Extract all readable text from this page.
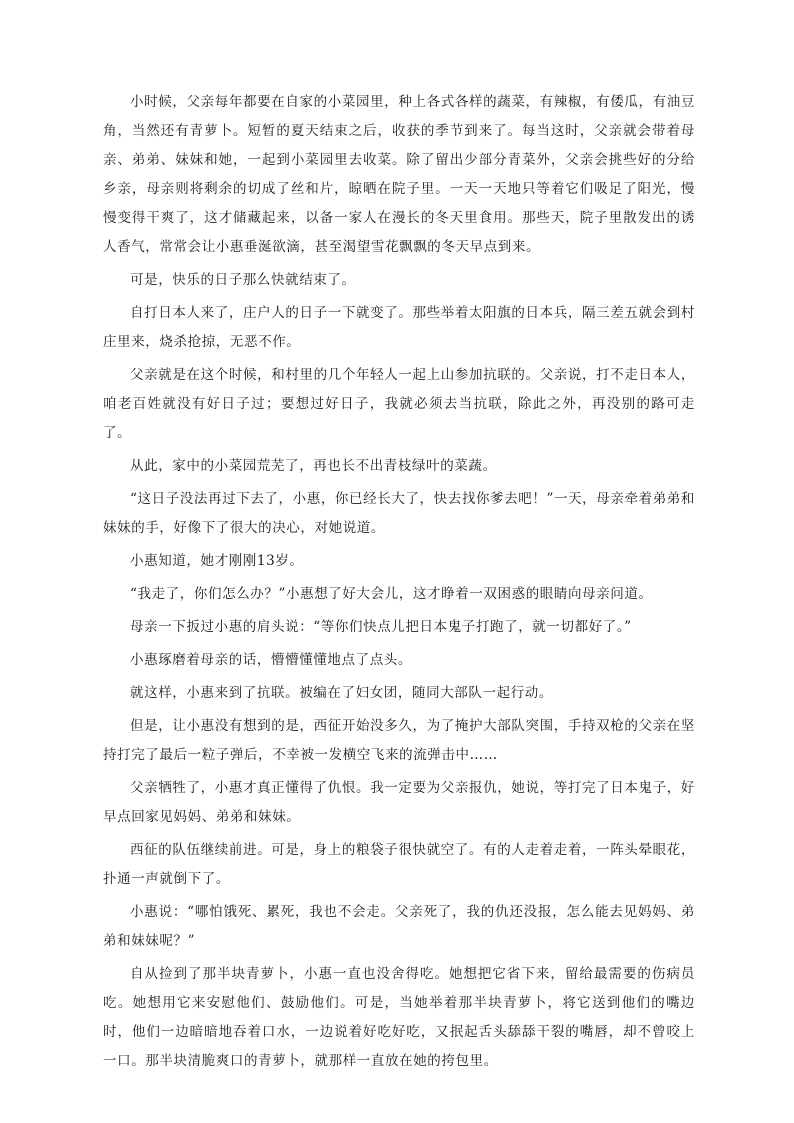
小时候，父亲每年都要在自家的小菜园里，种上各式各样的蔬菜，有辣椒，有倭瓜，有油豆角，当然还有青萝卜。短暂的夏天结束之后，收获的季节到来了。每当这时，父亲就会带着母亲、弟弟、妹妹和她，一起到小菜园里去收菜。除了留出少部分青菜外，父亲会挑些好的分给乡亲，母亲则将剩余的切成了丝和片，晾晒在院子里。一天一天地只等着它们吸足了阳光，慢慢变得干爽了，这才储藏起来，以备一家人在漫长的冬天里食用。那些天，院子里散发出的诱人香气，常常会让小惠垂涎欲滴，甚至渴望雪花飘飘的冬天早点到来。

可是，快乐的日子那么快就结束了。

自打日本人来了，庄户人的日子一下就变了。那些举着太阳旗的日本兵，隔三差五就会到村庄里来，烧杀抢掠，无恶不作。

父亲就是在这个时候，和村里的几个年轻人一起上山参加抗联的。父亲说，打不走日本人，咱老百姓就没有好日子过；要想过好日子，我就必须去当抗联，除此之外，再没别的路可走了。

从此，家中的小菜园荒芜了，再也长不出青枝绿叶的菜蔬。

“这日子没法再过下去了，小惠，你已经长大了，快去找你爹去吧！”一天，母亲牵着弟弟和妹妹的手，好像下了很大的决心，对她说道。

小惠知道，她才刚刚13岁。

“我走了，你们怎么办？”小惠想了好大会儿，这才睁着一双困惑的眼睛向母亲问道。

母亲一下扳过小惠的肩头说：“等你们快点儿把日本鬼子打跑了，就一切都好了。”

小惠琢磨着母亲的话，懵懵懂懂地点了点头。

就这样，小惠来到了抗联。被编在了妇女团，随同大部队一起行动。

但是，让小惠没有想到的是，西征开始没多久，为了掩护大部队突围，手持双枪的父亲在坚持打完了最后一粒子弹后，不幸被一发横空飞来的流弹击中……

父亲牺牲了，小惠才真正懂得了仇恨。我一定要为父亲报仇，她说，等打完了日本鬼子，好早点回家见妈妈、弟弟和妹妹。

西征的队伍继续前进。可是，身上的粮袋子很快就空了。有的人走着走着，一阵头晕眼花，扑通一声就倒下了。

小惠说：“哪怕饿死、累死，我也不会走。父亲死了，我的仇还没报，怎么能去见妈妈、弟弟和妹妹呢？”

自从捡到了那半块青萝卜，小惠一直也没舍得吃。她想把它省下来，留给最需要的伤病员吃。她想用它来安慰他们、鼓励他们。可是，当她举着那半块青萝卜，将它送到他们的嘴边时，他们一边暗暗地吞着口水，一边说着好吃好吃，又抿起舌头舔舔干裂的嘴唇，却不曾咬上一口。那半块清脆爽口的青萝卜，就那样一直放在她的挎包里。
